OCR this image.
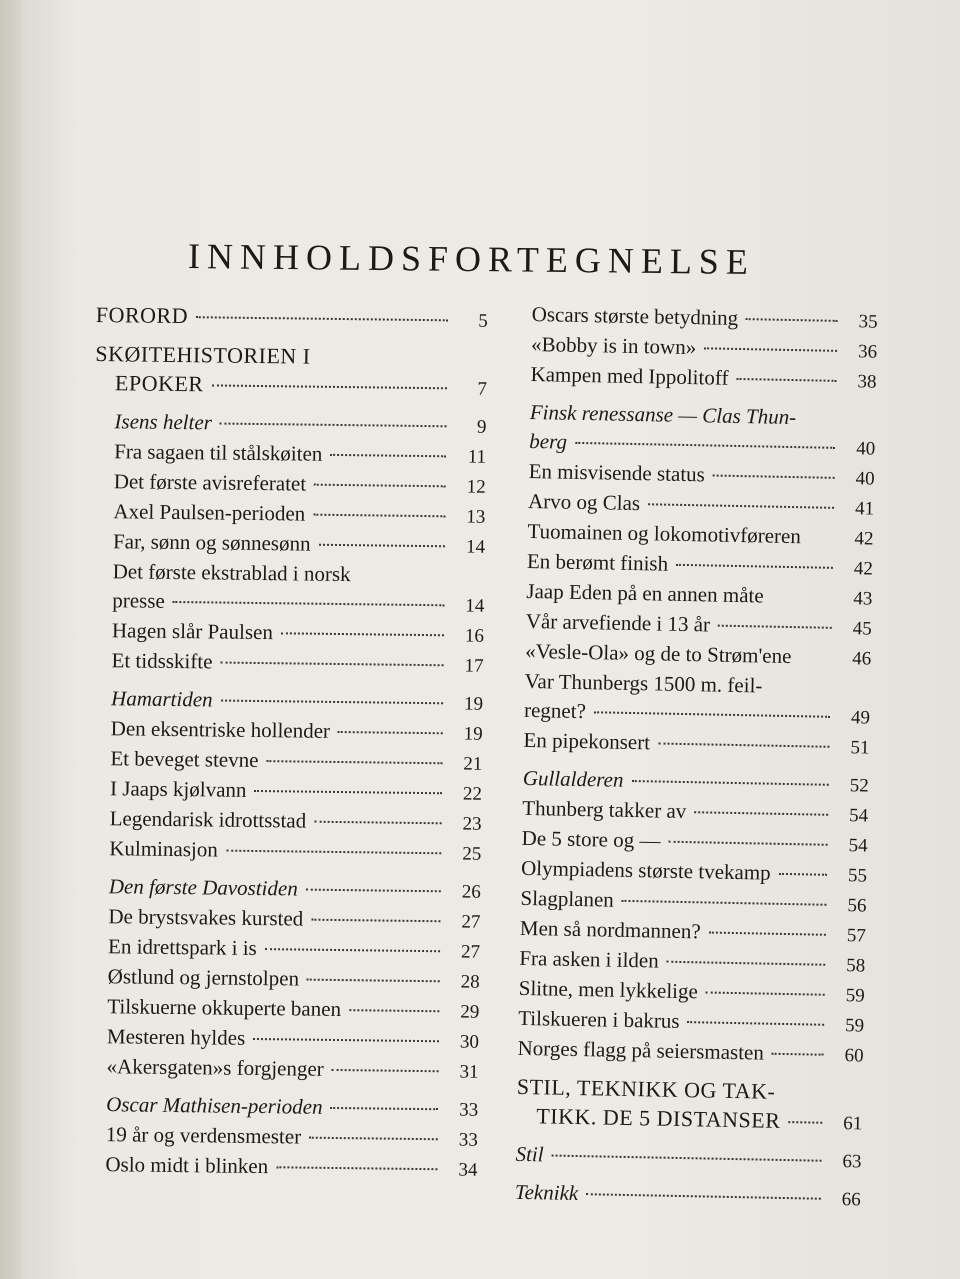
INNHOLDSFORTEGNELSE
FORORD	5
SKØITEHISTORIEN I
EPOKER	7
Isens helter	9
Fra sagaen til stålskøiten	11
Det første avisreferatet	12
Axel Paulsen-perioden	13
Far, sønn og sønnesønn	14
Det første ekstrablad i norsk
presse	14
Hagen slår Paulsen	16
Et tidsskifte	17
Hamartiden	19
Den eksentriske hollender	19
Et beveget stevne	21
I Jaaps kjølvann	22
Legendarisk idrottsstad	23
Kulminasjon	25
Den første Davostiden	26
De brystsvakes kursted	27
En idrettspark i is	27
Østlund og jernstolpen	28
Tilskuerne okkuperte banen	29
Mesteren hyldes	30
«Akersgaten»s forgjenger	31
Oscar Mathisen-perioden	33
19 år og verdensmester	33
Oslo midt i blinken	34
Oscars største betydning	35
«Bobby is in town»	36
Kampen med Ippolitoff	38
Finsk renessanse — Clas Thun-
berg	40
En misvisende status	40
Arvo og Clas	41
Tuomainen og lokomotivføreren	42
En berømt finish	42
Jaap Eden på en annen måte	43
Vår arvefiende i 13 år	45
«Vesle-Ola» og de to Strøm'ene	46
Var Thunbergs 1500 m. feil-
regnet?	49
En pipekonsert	51
Gullalderen	52
Thunberg takker av	54
De 5 store og —	54
Olympiadens største tvekamp	55
Slagplanen	56
Men så nordmannen?	57
Fra asken i ilden	58
Slitne, men lykkelige	59
Tilskueren i bakrus	59
Norges flagg på seiersmasten	60
STIL, TEKNIKK OG TAK-
TIKK. DE 5 DISTANSER	61
Stil	63
Teknikk	66
